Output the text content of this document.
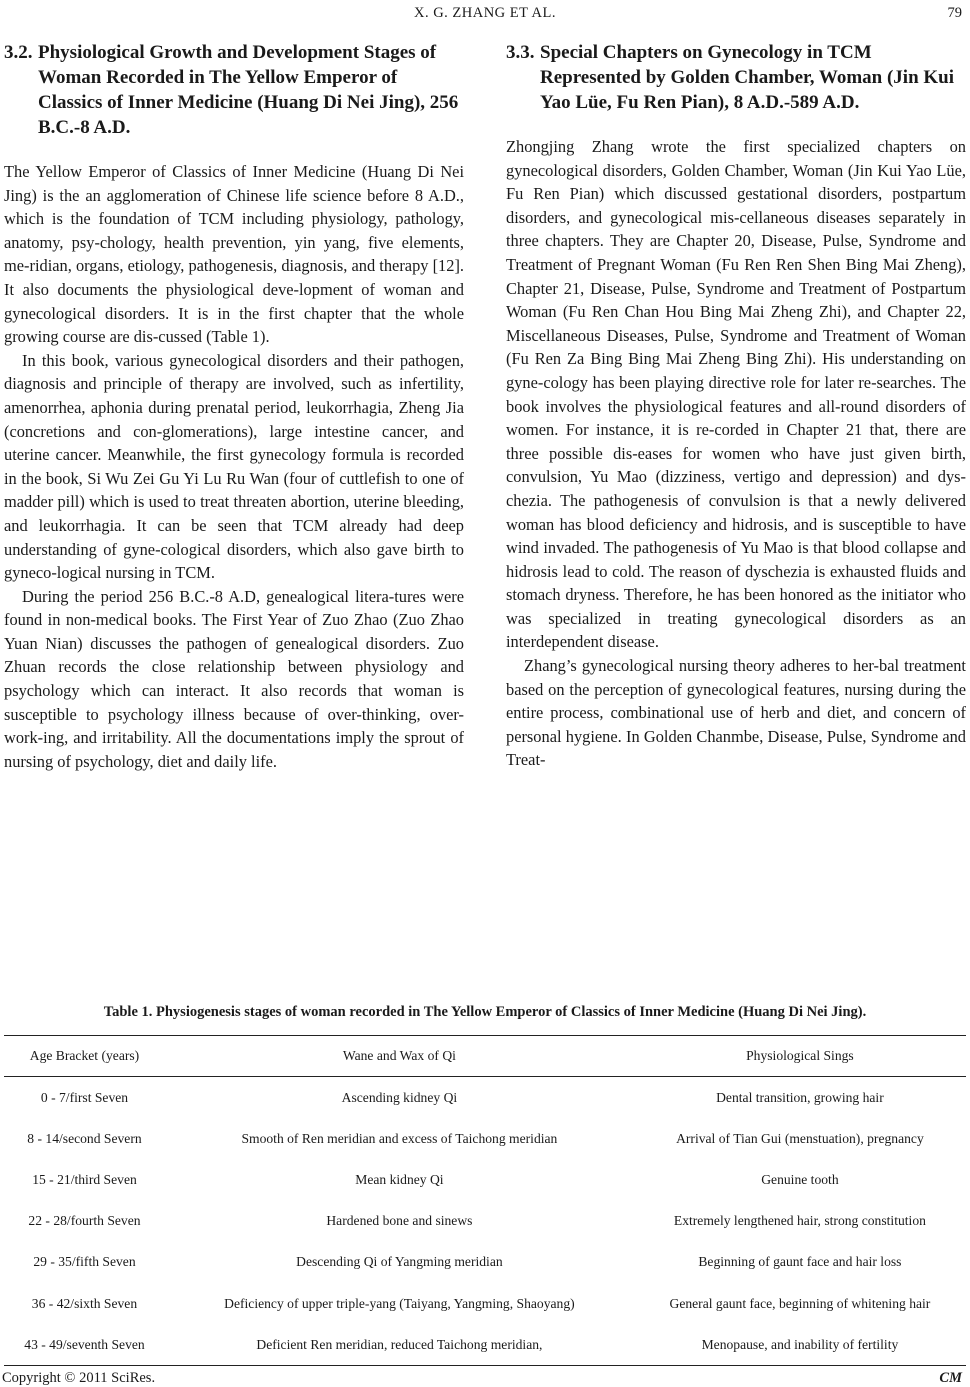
X. G. ZHANG ET AL.	79
3.2. Physiological Growth and Development Stages of Woman Recorded in The Yellow Emperor of Classics of Inner Medicine (Huang Di Nei Jing), 256 B.C.-8 A.D.

The Yellow Emperor of Classics of Inner Medicine (Huang Di Nei Jing) is the an agglomeration of Chinese life science before 8 A.D., which is the foundation of TCM including physiology, pathology, anatomy, psy-chology, health prevention, yin yang, five elements, me-ridian, organs, etiology, pathogenesis, diagnosis, and therapy [12]. It also documents the physiological deve-lopment of woman and gynecological disorders. It is in the first chapter that the whole growing course are dis-cussed (Table 1).

In this book, various gynecological disorders and their pathogen, diagnosis and principle of therapy are involved, such as infertility, amenorrhea, aphonia during prenatal period, leukorrhagia, Zheng Jia (concretions and con-glomerations), large intestine cancer, and uterine cancer. Meanwhile, the first gynecology formula is recorded in the book, Si Wu Zei Gu Yi Lu Ru Wan (four of cuttlefish to one of madder pill) which is used to treat threaten abortion, uterine bleeding, and leukorrhagia. It can be seen that TCM already had deep understanding of gyne-cological disorders, which also gave birth to gyneco-logical nursing in TCM.

During the period 256 B.C.-8 A.D, genealogical litera-tures were found in non-medical books. The First Year of Zuo Zhao (Zuo Zhao Yuan Nian) discusses the pathogen of genealogical disorders. Zuo Zhuan records the close relationship between physiology and psychology which can interact. It also records that woman is susceptible to psychology illness because of over-thinking, over-work-ing, and irritability. All the documentations imply the sprout of nursing of psychology, diet and daily life.

3.3. Special Chapters on Gynecology in TCM Represented by Golden Chamber, Woman (Jin Kui Yao Lüe, Fu Ren Pian), 8 A.D.-589 A.D.

Zhongjing Zhang wrote the first specialized chapters on gynecological disorders, Golden Chamber, Woman (Jin Kui Yao Lüe, Fu Ren Pian) which discussed gestational disorders, postpartum disorders, and gynecological mis-cellaneous diseases separately in three chapters. They are Chapter 20, Disease, Pulse, Syndrome and Treatment of Pregnant Woman (Fu Ren Ren Shen Bing Mai Zheng), Chapter 21, Disease, Pulse, Syndrome and Treatment of Postpartum Woman (Fu Ren Chan Hou Bing Mai Zheng Zhi), and Chapter 22, Miscellaneous Diseases, Pulse, Syndrome and Treatment of Woman (Fu Ren Za Bing Bing Mai Zheng Bing Zhi). His understanding on gyne-cology has been playing directive role for later re-searches. The book involves the physiological features and all-round disorders of women. For instance, it is re-corded in Chapter 21 that, there are three possible dis-eases for women who have just given birth, convulsion, Yu Mao (dizziness, vertigo and depression) and dys-chezia. The pathogenesis of convulsion is that a newly delivered woman has blood deficiency and hidrosis, and is susceptible to have wind invaded. The pathogenesis of Yu Mao is that blood collapse and hidrosis lead to cold. The reason of dyschezia is exhausted fluids and stomach dryness. Therefore, he has been honored as the initiator who was specialized in treating gynecological disorders as an interdependent disease.

Zhang’s gynecological nursing theory adheres to her-bal treatment based on the perception of gynecological features, nursing during the entire process, combinational use of herb and diet, and concern of personal hygiene. In Golden Chanmbe, Disease, Pulse, Syndrome and Treat-

Table 1. Physiogenesis stages of woman recorded in The Yellow Emperor of Classics of Inner Medicine (Huang Di Nei Jing).
Age Bracket (years)	Wane and Wax of Qi	Physiological Sings
0 - 7/first Seven	Ascending kidney Qi	Dental transition, growing hair
8 - 14/second Severn	Smooth of Ren meridian and excess of Taichong meridian	Arrival of Tian Gui (menstuation), pregnancy
15 - 21/third Seven	Mean kidney Qi	Genuine tooth
22 - 28/fourth Seven	Hardened bone and sinews	Extremely lengthened hair, strong constitution
29 - 35/fifth Seven	Descending Qi of Yangming meridian	Beginning of gaunt face and hair loss
36 - 42/sixth Seven	Deficiency of upper triple-yang (Taiyang, Yangming, Shaoyang)	General gaunt face, beginning of whitening hair
43 - 49/seventh Seven	Deficient Ren meridian, reduced Taichong meridian,	Menopause, and inability of fertility
Copyright © 2011 SciRes.	CM
